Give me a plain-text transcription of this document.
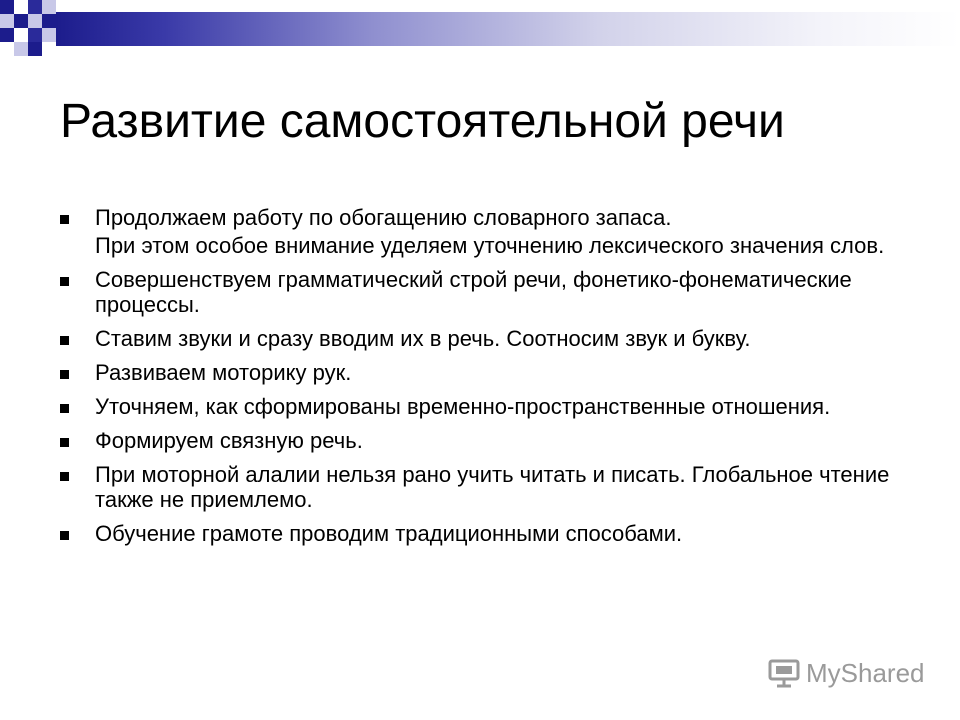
Развитие самостоятельной речи
Продолжаем работу по обогащению словарного запаса.
При этом особое внимание уделяем уточнению лексического значения слов.
Совершенствуем грамматический строй речи, фонетико-фонематические процессы.
Ставим звуки и сразу вводим их в речь. Соотносим звук и букву.
Развиваем моторику рук.
Уточняем, как сформированы временно-пространственные отношения.
Формируем связную речь.
При моторной алалии нельзя рано учить читать и писать. Глобальное чтение также не приемлемо.
Обучение грамоте проводим традиционными способами.
MyShared
